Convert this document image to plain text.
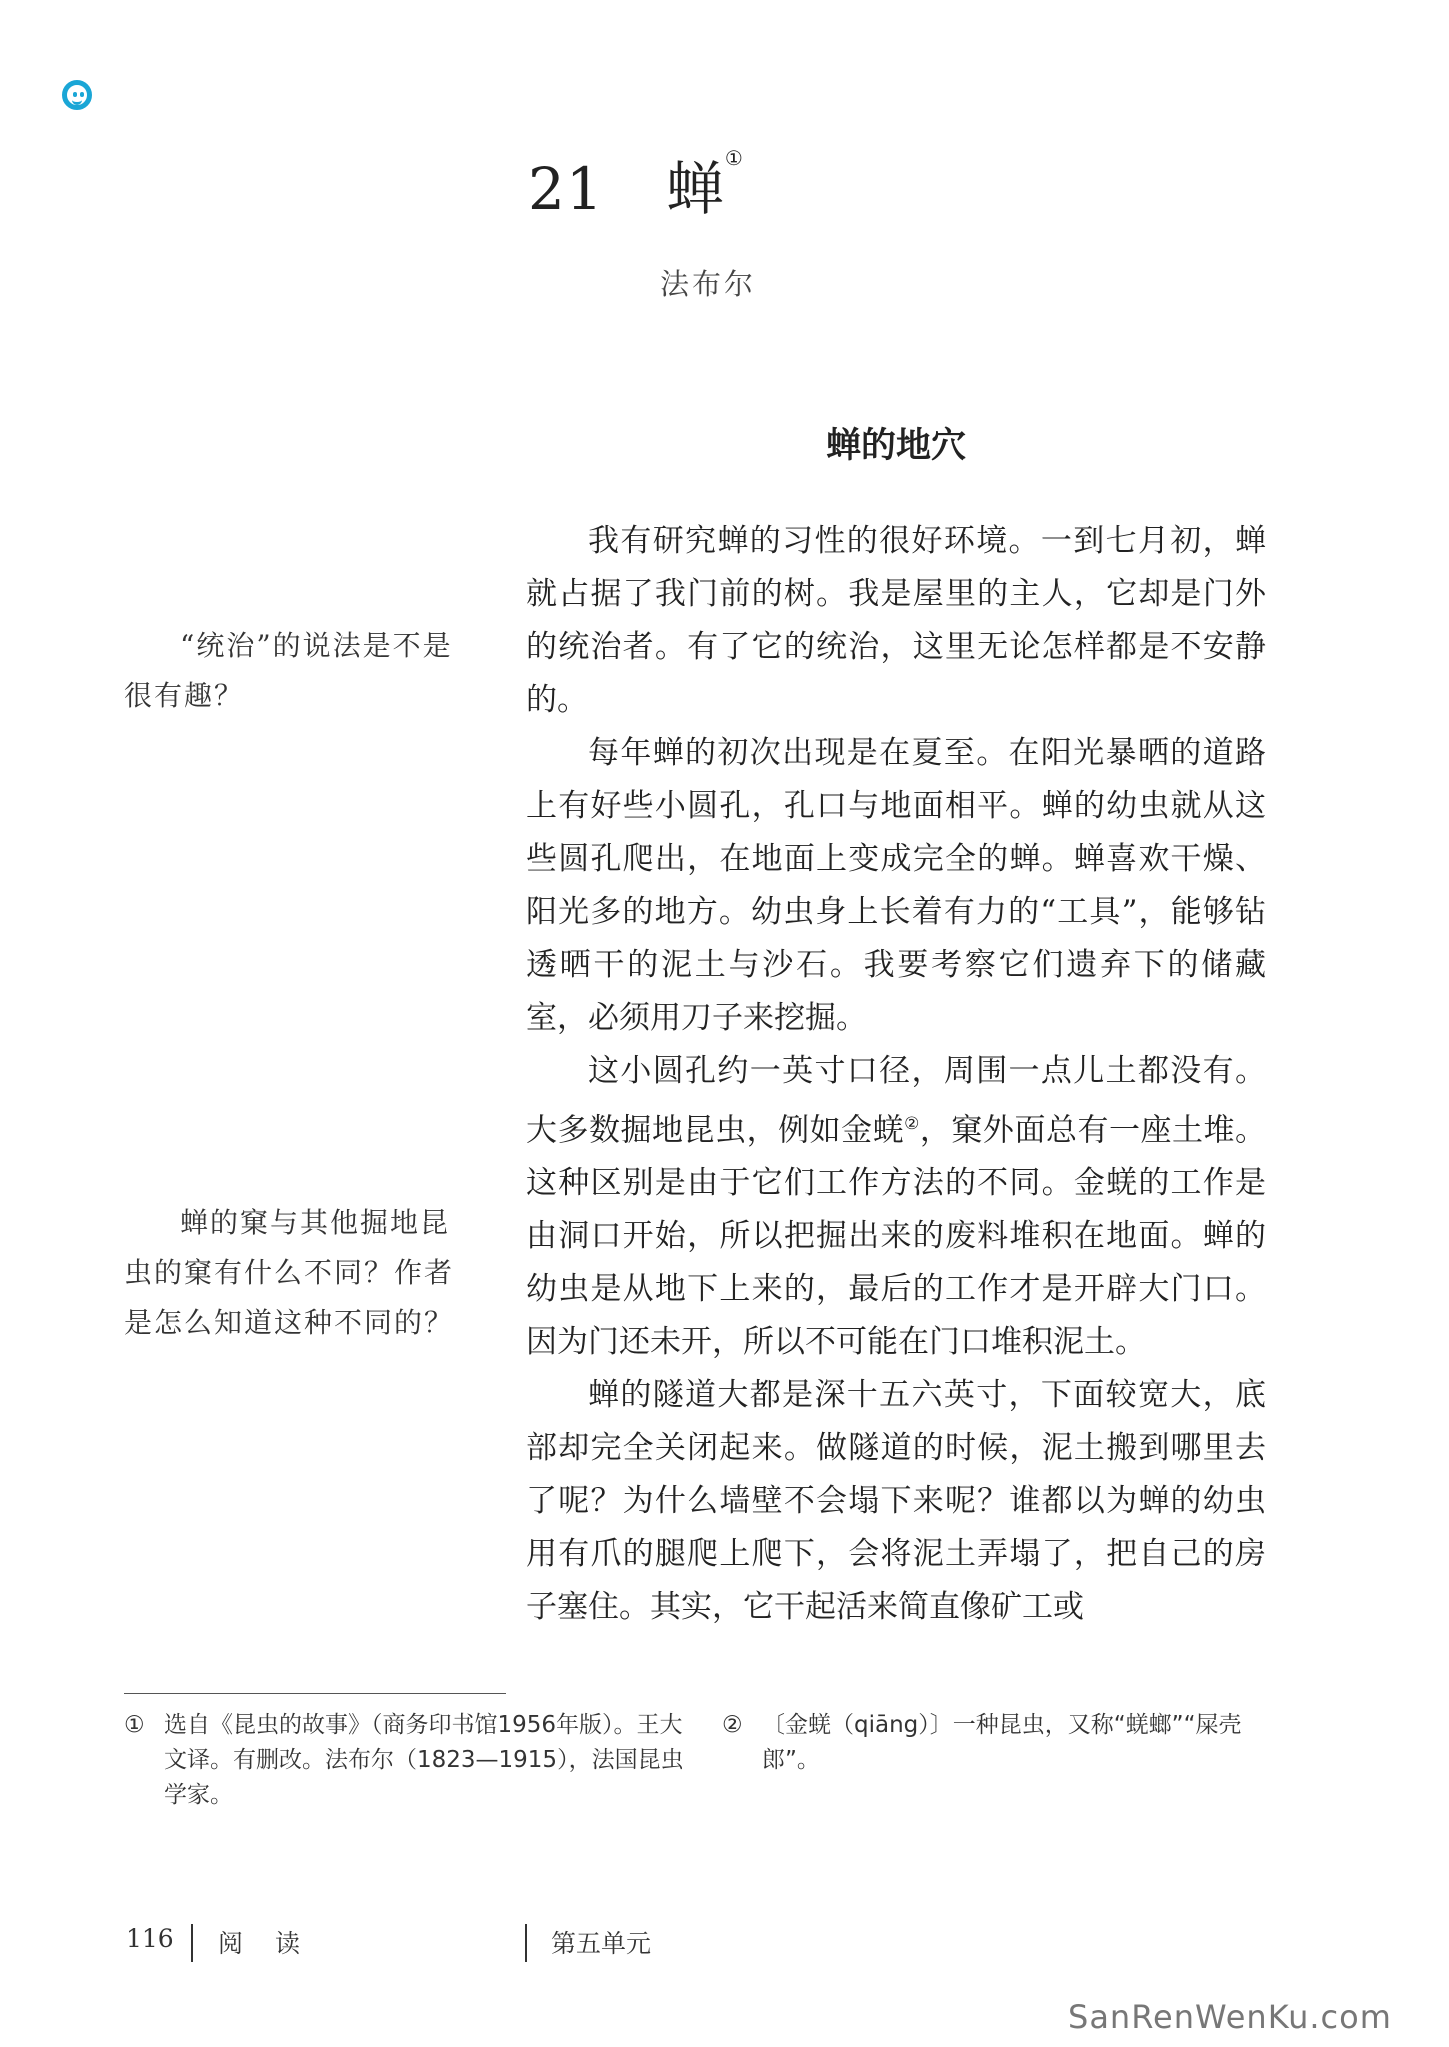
21 蝉①
法布尔
蝉的地穴

我有研究蝉的习性的很好环境。一到七月初，蝉就占据了我门前的树。我是屋里的主人，它却是门外的统治者。有了它的统治，这里无论怎样都是不安静的。

每年蝉的初次出现是在夏至。在阳光暴晒的道路上有好些小圆孔，孔口与地面相平。蝉的幼虫就从这些圆孔爬出，在地面上变成完全的蝉。蝉喜欢干燥、阳光多的地方。幼虫身上长着有力的“工具”，能够钻透晒干的泥土与沙石。我要考察它们遗弃下的储藏室，必须用刀子来挖掘。

这小圆孔约一英寸口径，周围一点儿土都没有。大多数掘地昆虫，例如金蜣②，窠外面总有一座土堆。这种区别是由于它们工作方法的不同。金蜣的工作是由洞口开始，所以把掘出来的废料堆积在地面。蝉的幼虫是从地下上来的，最后的工作才是开辟大门口。因为门还未开，所以不可能在门口堆积泥土。

蝉的隧道大都是深十五六英寸，下面较宽大，底部却完全关闭起来。做隧道的时候，泥土搬到哪里去了呢？为什么墙壁不会塌下来呢？谁都以为蝉的幼虫用有爪的腿爬上爬下，会将泥土弄塌了，把自己的房子塞住。其实，它干起活来简直像矿工或

“统治”的说法是不是很有趣？

蝉的窠与其他掘地昆虫的窠有什么不同？作者是怎么知道这种不同的？

① 选自《昆虫的故事》（商务印书馆1956年版）。王大文译。有删改。法布尔（1823—1915），法国昆虫学家。
② 〔金蜣（qiāng）〕一种昆虫，又称“蜣螂”“屎壳郎”。
116 阅 读	第五单元
SanRenWenKu.com
